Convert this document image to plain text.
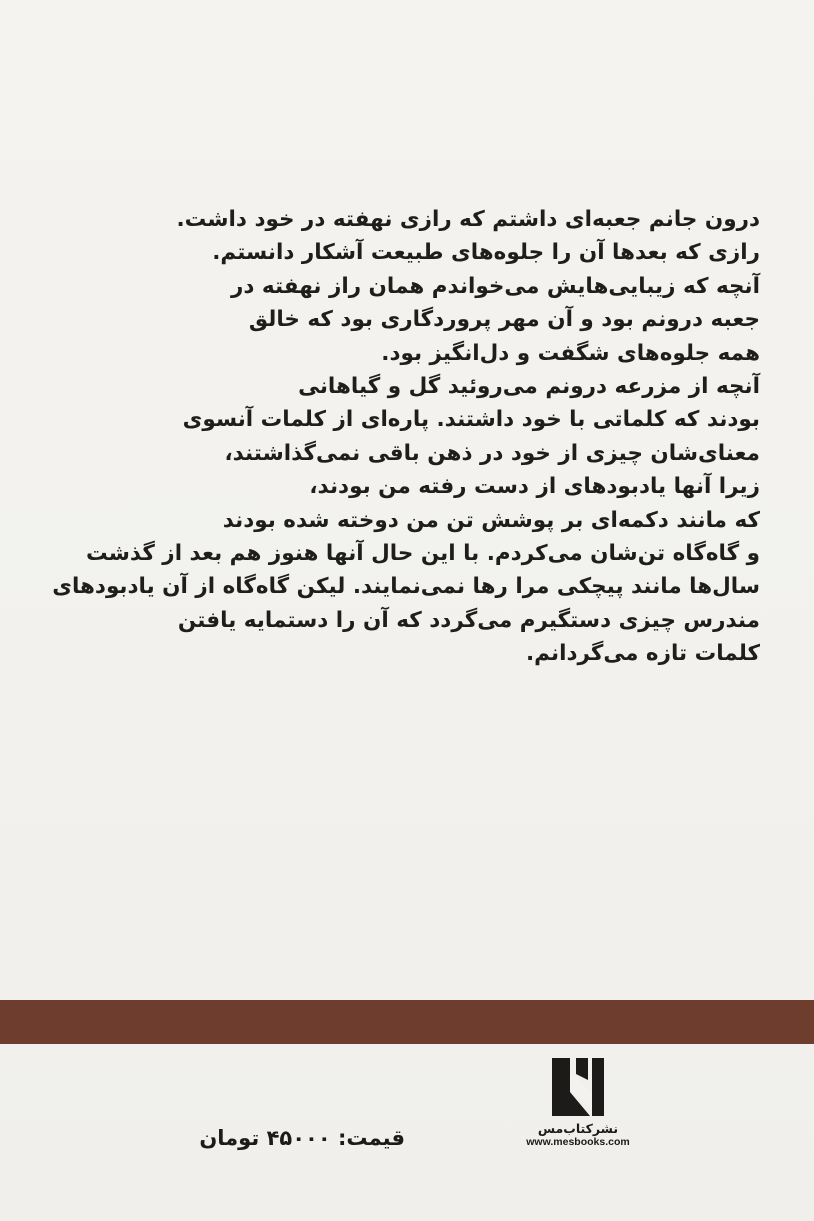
درون جانم جعبه‌ای داشتم که رازی نهفته در خود داشت.
رازی که بعدها آن را جلوه‌های طبیعت آشکار دانستم.
آنچه که زیبایی‌هایش می‌خواندم همان راز نهفته در
جعبه درونم بود و آن مهر پروردگاری بود که خالق
همه جلوه‌های شگفت و دل‌انگیز بود.
آنچه از مزرعه درونم می‌روئید گل و گیاهانی
بودند که کلماتی با خود داشتند. پاره‌ای از کلمات آنسوی
معنای‌شان چیزی از خود در ذهن باقی نمی‌گذاشتند،
زیرا آنها یادبودهای از دست رفته من بودند،
که مانند دکمه‌ای بر پوشش تن من دوخته شده بودند
و گاه‌گاه تن‌شان می‌کردم. با این حال آنها هنوز هم بعد از گذشت
سال‌ها مانند پیچکی مرا رها نمی‌نمایند. لیکن گاه‌گاه از آن یادبودهای
مندرس چیزی دستگیرم می‌گردد که آن را دستمایه یافتن
کلمات تازه می‌گردانم.
قیمت: ۴۵۰۰۰ تومان	نشرکتاب‌مس
www.mesbooks.com
